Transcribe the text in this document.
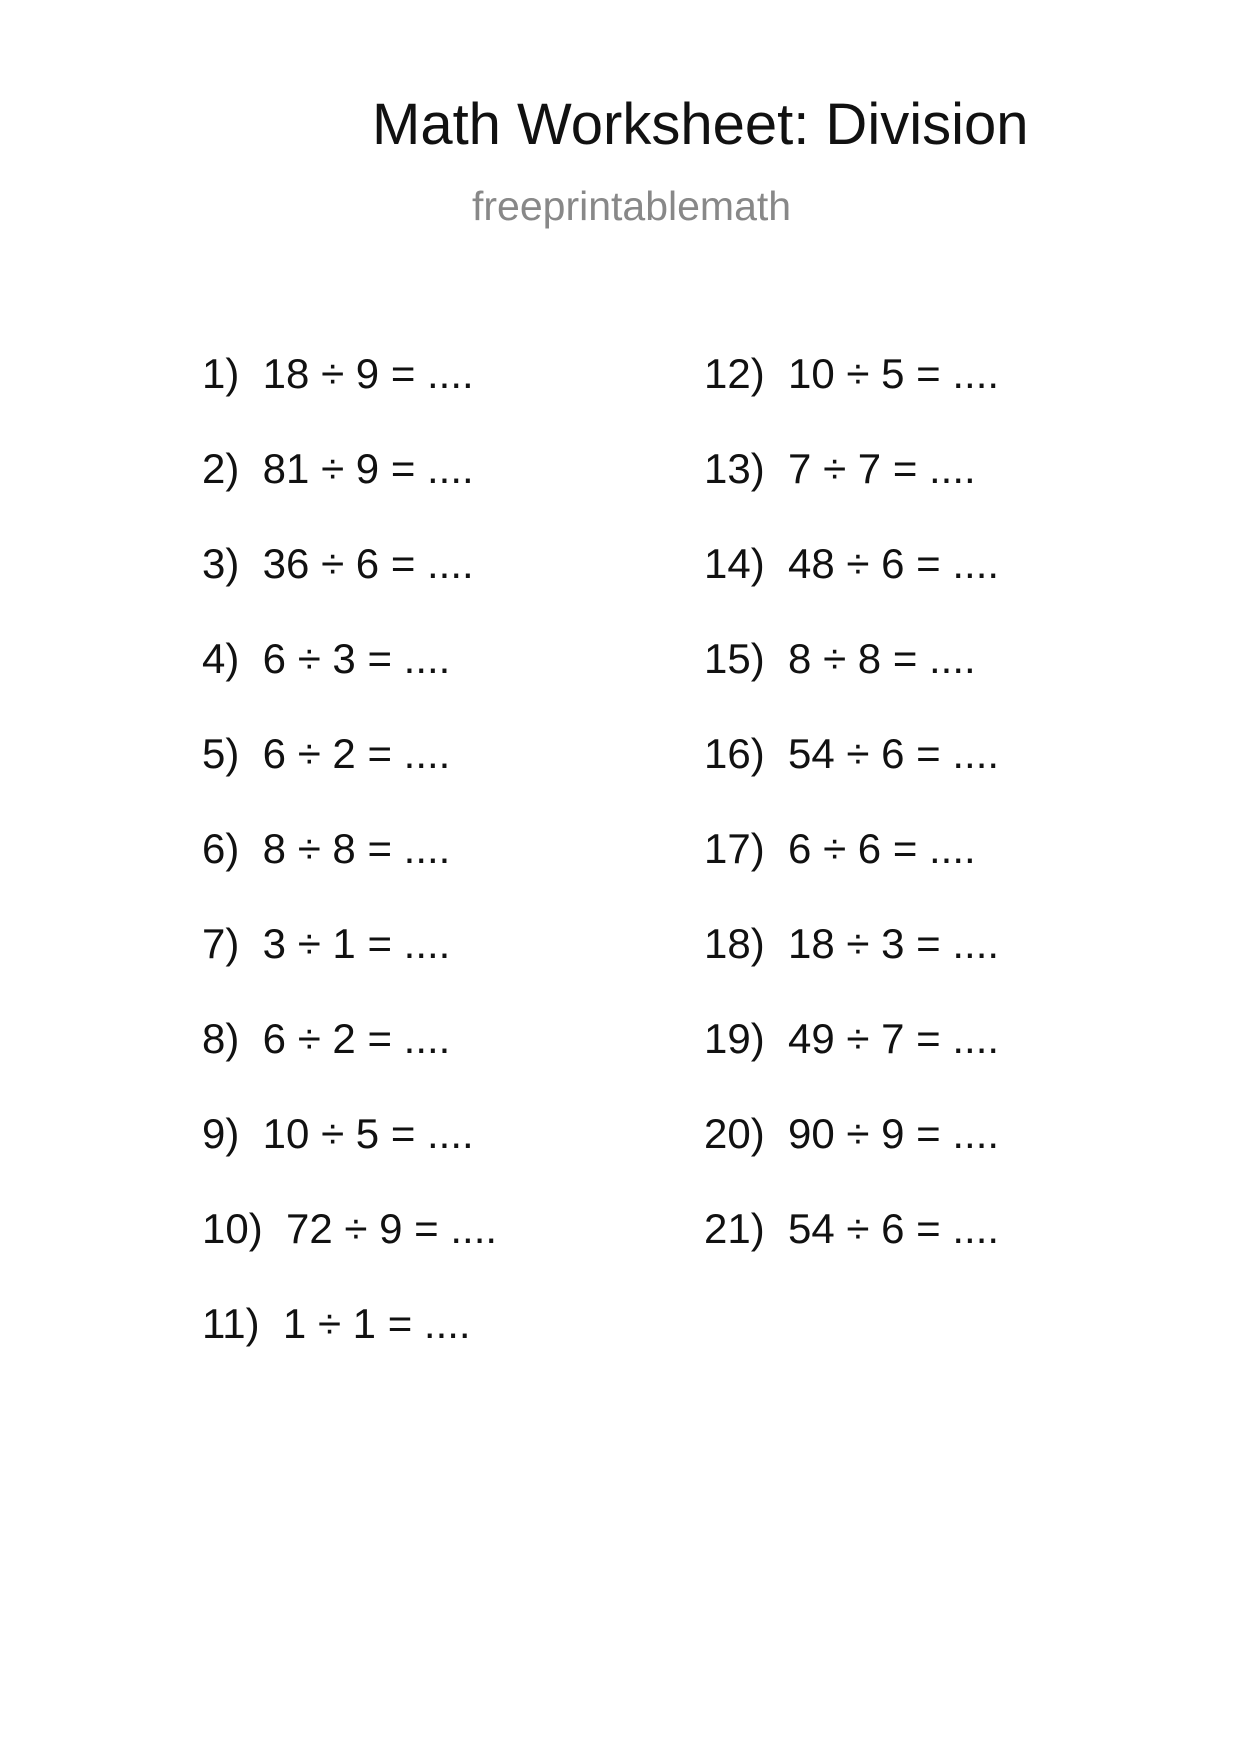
Math Worksheet: Division
freeprintablemath
1)  18 ÷ 9 = ....
2)  81 ÷ 9 = ....
3)  36 ÷ 6 = ....
4)  6 ÷ 3 = ....
5)  6 ÷ 2 = ....
6)  8 ÷ 8 = ....
7)  3 ÷ 1 = ....
8)  6 ÷ 2 = ....
9)  10 ÷ 5 = ....
10)  72 ÷ 9 = ....
11)  1 ÷ 1 = ....
12)  10 ÷ 5 = ....
13)  7 ÷ 7 = ....
14)  48 ÷ 6 = ....
15)  8 ÷ 8 = ....
16)  54 ÷ 6 = ....
17)  6 ÷ 6 = ....
18)  18 ÷ 3 = ....
19)  49 ÷ 7 = ....
20)  90 ÷ 9 = ....
21)  54 ÷ 6 = ....
